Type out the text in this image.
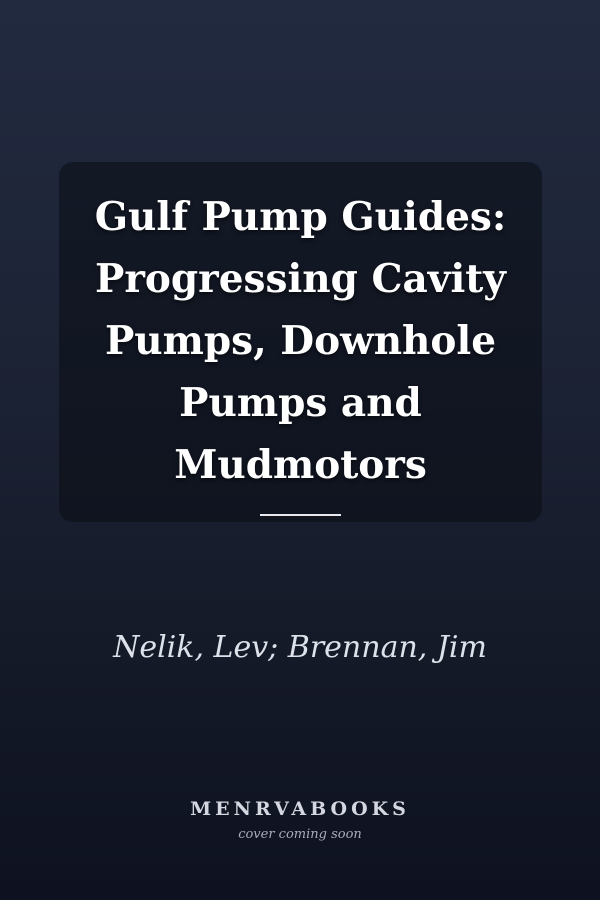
Gulf Pump Guides:
Progressing Cavity
Pumps, Downhole
Pumps and
Mudmotors
Nelik, Lev; Brennan, Jim
MENRVABOOKS
cover coming soon
